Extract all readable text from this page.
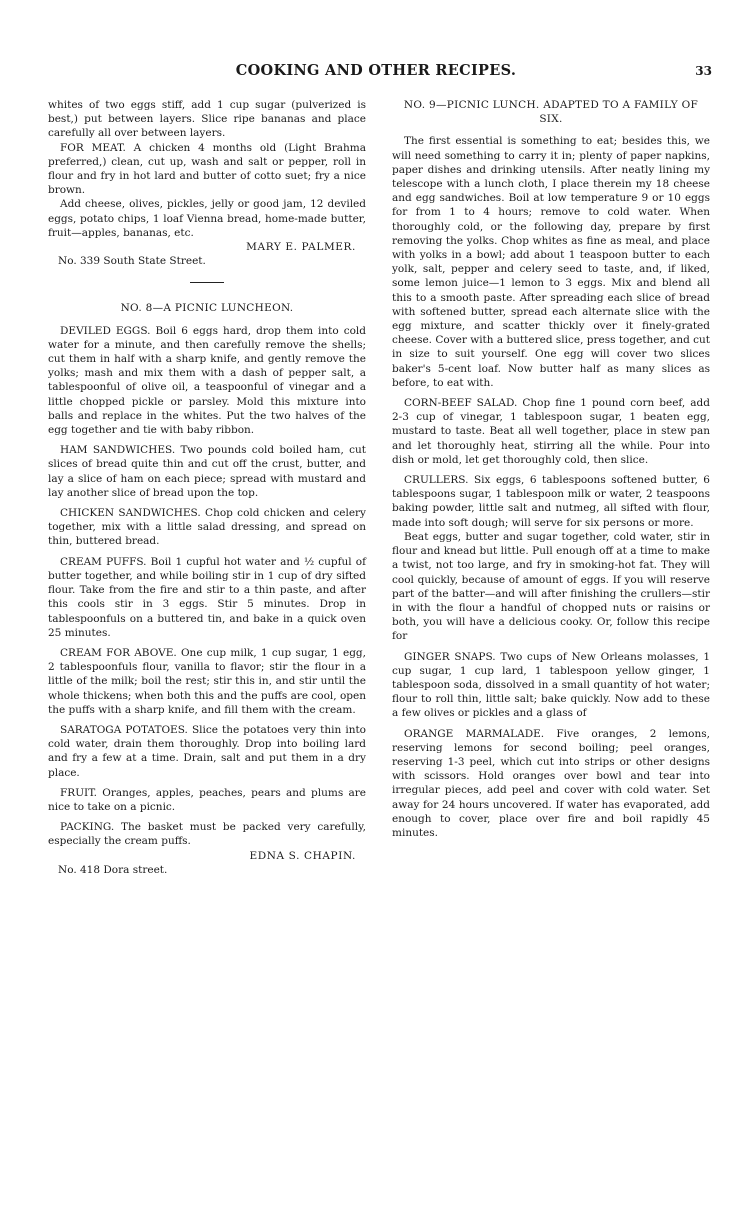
COOKING AND OTHER RECIPES.	33

whites of two eggs stiff, add 1 cup sugar (pulverized is best,) put between layers. Slice ripe bananas and place carefully all over between layers.

FOR MEAT. A chicken 4 months old (Light Brahma preferred,) clean, cut up, wash and salt or pepper, roll in flour and fry in hot lard and butter of cotto suet; fry a nice brown.

Add cheese, olives, pickles, jelly or good jam, 12 deviled eggs, potato chips, 1 loaf Vienna bread, home-made butter, fruit—apples, bananas, etc.

MARY E. PALMER.

No. 339 South State Street.

NO. 8—A PICNIC LUNCHEON.

DEVILED EGGS. Boil 6 eggs hard, drop them into cold water for a minute, and then carefully remove the shells; cut them in half with a sharp knife, and gently remove the yolks; mash and mix them with a dash of pepper salt, a tablespoonful of olive oil, a teaspoonful of vinegar and a little chopped pickle or parsley. Mold this mixture into balls and replace in the whites. Put the two halves of the egg together and tie with baby ribbon.

HAM SANDWICHES. Two pounds cold boiled ham, cut slices of bread quite thin and cut off the crust, butter, and lay a slice of ham on each piece; spread with mustard and lay another slice of bread upon the top.

CHICKEN SANDWICHES. Chop cold chicken and celery together, mix with a little salad dressing, and spread on thin, buttered bread.

CREAM PUFFS. Boil 1 cupful hot water and ½ cupful of butter together, and while boiling stir in 1 cup of dry sifted flour. Take from the fire and stir to a thin paste, and after this cools stir in 3 eggs. Stir 5 minutes. Drop in tablespoonfuls on a buttered tin, and bake in a quick oven 25 minutes.

CREAM FOR ABOVE. One cup milk, 1 cup sugar, 1 egg, 2 tablespoonfuls flour, vanilla to flavor; stir the flour in a little of the milk; boil the rest; stir this in, and stir until the whole thickens; when both this and the puffs are cool, open the puffs with a sharp knife, and fill them with the cream.

SARATOGA POTATOES. Slice the potatoes very thin into cold water, drain them thoroughly. Drop into boiling lard and fry a few at a time. Drain, salt and put them in a dry place.

FRUIT. Oranges, apples, peaches, pears and plums are nice to take on a picnic.

PACKING. The basket must be packed very carefully, especially the cream puffs.

EDNA S. CHAPIN.

No. 418 Dora street.

NO. 9—PICNIC LUNCH. ADAPTED TO A FAMILY OF SIX.

The first essential is something to eat; besides this, we will need something to carry it in; plenty of paper napkins, paper dishes and drinking utensils. After neatly lining my telescope with a lunch cloth, I place therein my 18 cheese and egg sandwiches. Boil at low temperature 9 or 10 eggs for from 1 to 4 hours; remove to cold water. When thoroughly cold, or the following day, prepare by first removing the yolks. Chop whites as fine as meal, and place with yolks in a bowl; add about 1 teaspoon butter to each yolk, salt, pepper and celery seed to taste, and, if liked, some lemon juice—1 lemon to 3 eggs. Mix and blend all this to a smooth paste. After spreading each slice of bread with softened butter, spread each alternate slice with the egg mixture, and scatter thickly over it finely-grated cheese. Cover with a buttered slice, press together, and cut in size to suit yourself. One egg will cover two slices baker's 5-cent loaf. Now butter half as many slices as before, to eat with.

CORN-BEEF SALAD. Chop fine 1 pound corn beef, add 2-3 cup of vinegar, 1 tablespoon sugar, 1 beaten egg, mustard to taste. Beat all well together, place in stew pan and let thoroughly heat, stirring all the while. Pour into dish or mold, let get thoroughly cold, then slice.

CRULLERS. Six eggs, 6 tablespoons softened butter, 6 tablespoons sugar, 1 tablespoon milk or water, 2 teaspoons baking powder, little salt and nutmeg, all sifted with flour, made into soft dough; will serve for six persons or more.

Beat eggs, butter and sugar together, cold water, stir in flour and knead but little. Pull enough off at a time to make a twist, not too large, and fry in smoking-hot fat. They will cool quickly, because of amount of eggs. If you will reserve part of the batter—and will after finishing the crullers—stir in with the flour a handful of chopped nuts or raisins or both, you will have a delicious cooky. Or, follow this recipe for

GINGER SNAPS. Two cups of New Orleans molasses, 1 cup sugar, 1 cup lard, 1 tablespoon yellow ginger, 1 tablespoon soda, dissolved in a small quantity of hot water; flour to roll thin, little salt; bake quickly. Now add to these a few olives or pickles and a glass of

ORANGE MARMALADE. Five oranges, 2 lemons, reserving lemons for second boiling; peel oranges, reserving 1-3 peel, which cut into strips or other designs with scissors. Hold oranges over bowl and tear into irregular pieces, add peel and cover with cold water. Set away for 24 hours uncovered. If water has evaporated, add enough to cover, place over fire and boil rapidly 45 minutes.
